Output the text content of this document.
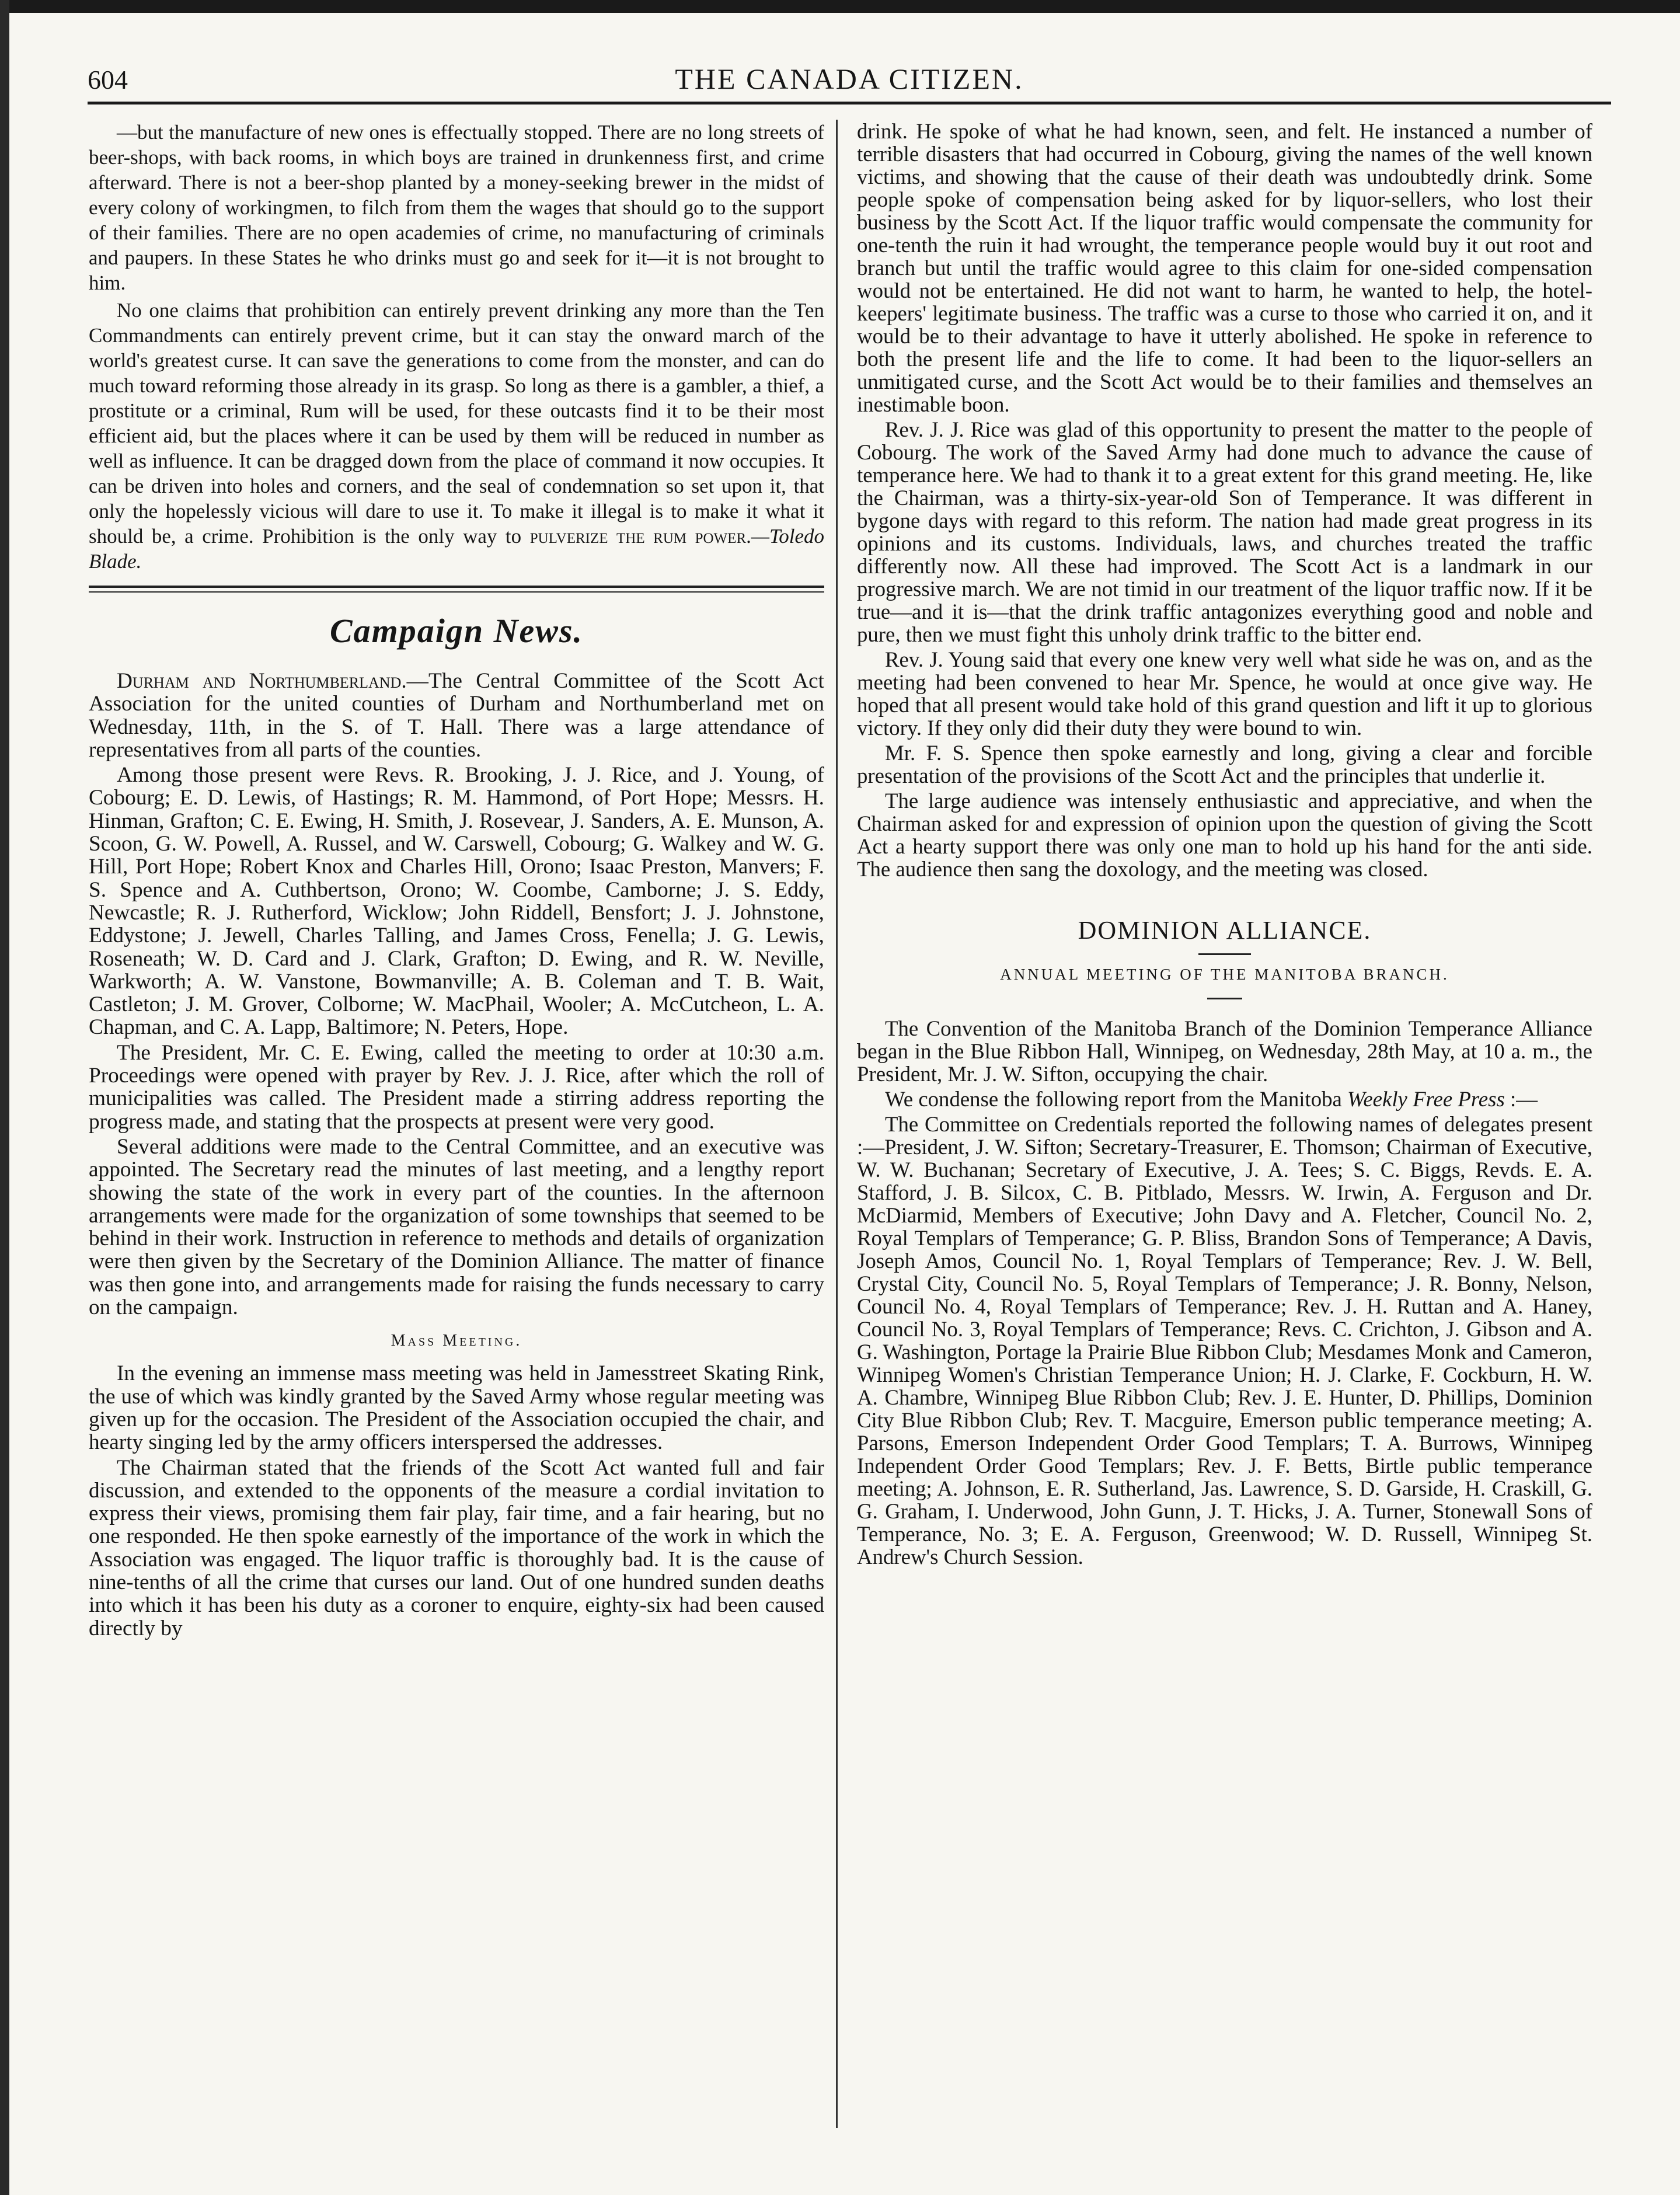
604	THE CANADA CITIZEN.

—but the manufacture of new ones is effectually stopped. There are no long streets of beer-shops, with back rooms, in which boys are trained in drunkenness first, and crime afterward. There is not a beer-shop planted by a money-seeking brewer in the midst of every colony of workingmen, to filch from them the wages that should go to the support of their families. There are no open academies of crime, no manufacturing of criminals and paupers. In these States he who drinks must go and seek for it—it is not brought to him.

No one claims that prohibition can entirely prevent drinking any more than the Ten Commandments can entirely prevent crime, but it can stay the onward march of the world's greatest curse. It can save the generations to come from the monster, and can do much toward reforming those already in its grasp. So long as there is a gambler, a thief, a prostitute or a criminal, Rum will be used, for these outcasts find it to be their most efficient aid, but the places where it can be used by them will be reduced in number as well as influence. It can be dragged down from the place of command it now occupies. It can be driven into holes and corners, and the seal of condemnation so set upon it, that only the hopelessly vicious will dare to use it. To make it illegal is to make it what it should be, a crime. Prohibition is the only way to pulverize the rum power.—Toledo Blade.

Campaign News.

Durham and Northumberland.—The Central Committee of the Scott Act Association for the united counties of Durham and Northumberland met on Wednesday, 11th, in the S. of T. Hall. There was a large attendance of representatives from all parts of the counties.

Among those present were Revs. R. Brooking, J. J. Rice, and J. Young, of Cobourg; E. D. Lewis, of Hastings; R. M. Hammond, of Port Hope; Messrs. H. Hinman, Grafton; C. E. Ewing, H. Smith, J. Rosevear, J. Sanders, A. E. Munson, A. Scoon, G. W. Powell, A. Russel, and W. Carswell, Cobourg; G. Walkey and W. G. Hill, Port Hope; Robert Knox and Charles Hill, Orono; Isaac Preston, Manvers; F. S. Spence and A. Cuthbertson, Orono; W. Coombe, Camborne; J. S. Eddy, Newcastle; R. J. Rutherford, Wicklow; John Riddell, Bensfort; J. J. Johnstone, Eddystone; J. Jewell, Charles Talling, and James Cross, Fenella; J. G. Lewis, Roseneath; W. D. Card and J. Clark, Grafton; D. Ewing, and R. W. Neville, Warkworth; A. W. Vanstone, Bowmanville; A. B. Coleman and T. B. Wait, Castleton; J. M. Grover, Colborne; W. MacPhail, Wooler; A. McCutcheon, L. A. Chapman, and C. A. Lapp, Baltimore; N. Peters, Hope.

The President, Mr. C. E. Ewing, called the meeting to order at 10:30 a.m. Proceedings were opened with prayer by Rev. J. J. Rice, after which the roll of municipalities was called. The President made a stirring address reporting the progress made, and stating that the prospects at present were very good.

Several additions were made to the Central Committee, and an executive was appointed. The Secretary read the minutes of last meeting, and a lengthy report showing the state of the work in every part of the counties. In the afternoon arrangements were made for the organization of some townships that seemed to be behind in their work. Instruction in reference to methods and details of organization were then given by the Secretary of the Dominion Alliance. The matter of finance was then gone into, and arrangements made for raising the funds necessary to carry on the campaign.

Mass Meeting.

In the evening an immense mass meeting was held in Jamesstreet Skating Rink, the use of which was kindly granted by the Saved Army whose regular meeting was given up for the occasion. The President of the Association occupied the chair, and hearty singing led by the army officers interspersed the addresses.

The Chairman stated that the friends of the Scott Act wanted full and fair discussion, and extended to the opponents of the measure a cordial invitation to express their views, promising them fair play, fair time, and a fair hearing, but no one responded. He then spoke earnestly of the importance of the work in which the Association was engaged. The liquor traffic is thoroughly bad. It is the cause of nine-tenths of all the crime that curses our land. Out of one hundred sunden deaths into which it has been his duty as a coroner to enquire, eighty-six had been caused directly by

drink. He spoke of what he had known, seen, and felt. He instanced a number of terrible disasters that had occurred in Cobourg, giving the names of the well known victims, and showing that the cause of their death was undoubtedly drink. Some people spoke of compensation being asked for by liquor-sellers, who lost their business by the Scott Act. If the liquor traffic would compensate the community for one-tenth the ruin it had wrought, the temperance people would buy it out root and branch but until the traffic would agree to this claim for one-sided compensation would not be entertained. He did not want to harm, he wanted to help, the hotel-keepers' legitimate business. The traffic was a curse to those who carried it on, and it would be to their advantage to have it utterly abolished. He spoke in reference to both the present life and the life to come. It had been to the liquor-sellers an unmitigated curse, and the Scott Act would be to their families and themselves an inestimable boon.

Rev. J. J. Rice was glad of this opportunity to present the matter to the people of Cobourg. The work of the Saved Army had done much to advance the cause of temperance here. We had to thank it to a great extent for this grand meeting. He, like the Chairman, was a thirty-six-year-old Son of Temperance. It was different in bygone days with regard to this reform. The nation had made great progress in its opinions and its customs. Individuals, laws, and churches treated the traffic differently now. All these had improved. The Scott Act is a landmark in our progressive march. We are not timid in our treatment of the liquor traffic now. If it be true—and it is—that the drink traffic antagonizes everything good and noble and pure, then we must fight this unholy drink traffic to the bitter end.

Rev. J. Young said that every one knew very well what side he was on, and as the meeting had been convened to hear Mr. Spence, he would at once give way. He hoped that all present would take hold of this grand question and lift it up to glorious victory. If they only did their duty they were bound to win.

Mr. F. S. Spence then spoke earnestly and long, giving a clear and forcible presentation of the provisions of the Scott Act and the principles that underlie it.

The large audience was intensely enthusiastic and appreciative, and when the Chairman asked for and expression of opinion upon the question of giving the Scott Act a hearty support there was only one man to hold up his hand for the anti side. The audience then sang the doxology, and the meeting was closed.

DOMINION ALLIANCE.
ANNUAL MEETING OF THE MANITOBA BRANCH.

The Convention of the Manitoba Branch of the Dominion Temperance Alliance began in the Blue Ribbon Hall, Winnipeg, on Wednesday, 28th May, at 10 a. m., the President, Mr. J. W. Sifton, occupying the chair.

We condense the following report from the Manitoba Weekly Free Press :—

The Committee on Credentials reported the following names of delegates present :—President, J. W. Sifton; Secretary-Treasurer, E. Thomson; Chairman of Executive, W. W. Buchanan; Secretary of Executive, J. A. Tees; S. C. Biggs, Revds. E. A. Stafford, J. B. Silcox, C. B. Pitblado, Messrs. W. Irwin, A. Ferguson and Dr. McDiarmid, Members of Executive; John Davy and A. Fletcher, Council No. 2, Royal Templars of Temperance; G. P. Bliss, Brandon Sons of Temperance; A Davis, Joseph Amos, Council No. 1, Royal Templars of Temperance; Rev. J. W. Bell, Crystal City, Council No. 5, Royal Templars of Temperance; J. R. Bonny, Nelson, Council No. 4, Royal Templars of Temperance; Rev. J. H. Ruttan and A. Haney, Council No. 3, Royal Templars of Temperance; Revs. C. Crichton, J. Gibson and A. G. Washington, Portage la Prairie Blue Ribbon Club; Mesdames Monk and Cameron, Winnipeg Women's Christian Temperance Union; H. J. Clarke, F. Cockburn, H. W. A. Chambre, Winnipeg Blue Ribbon Club; Rev. J. E. Hunter, D. Phillips, Dominion City Blue Ribbon Club; Rev. T. Macguire, Emerson public temperance meeting; A. Parsons, Emerson Independent Order Good Templars; T. A. Burrows, Winnipeg Independent Order Good Templars; Rev. J. F. Betts, Birtle public temperance meeting; A. Johnson, E. R. Sutherland, Jas. Lawrence, S. D. Garside, H. Craskill, G. G. Graham, I. Underwood, John Gunn, J. T. Hicks, J. A. Turner, Stonewall Sons of Temperance, No. 3; E. A. Ferguson, Greenwood; W. D. Russell, Winnipeg St. Andrew's Church Session.
